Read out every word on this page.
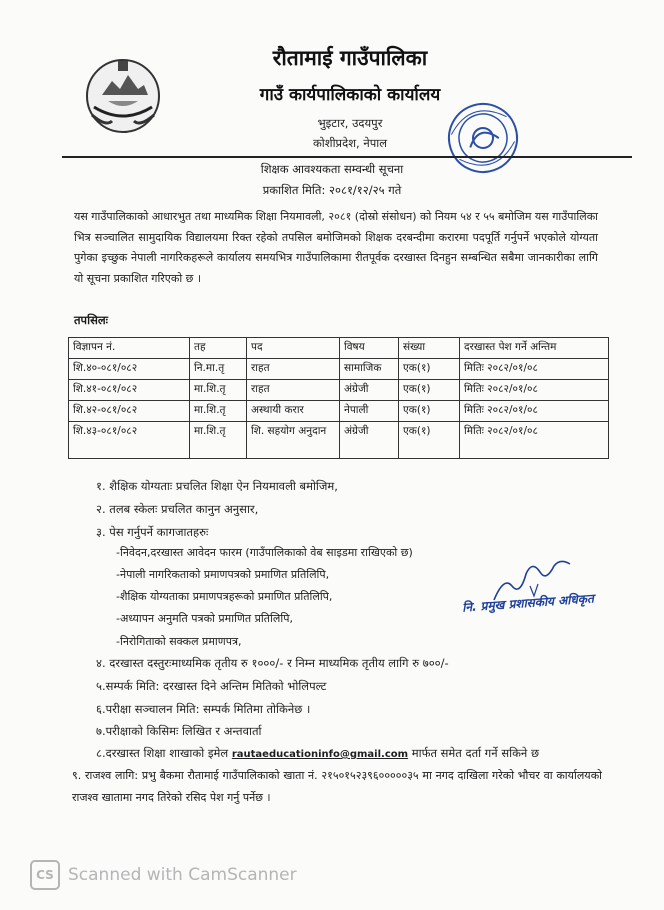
रौतामाई गाउँपालिका
गाउँ कार्यपालिकाको कार्यालय
भुइटार, उदयपुर
कोशीप्रदेश, नेपाल
शिक्षक आवश्यकता सम्वन्धी सूचना
प्रकाशित मिति: २०८१/१२/२५ गते
यस गाउँपालिकाको आधारभुत तथा माध्यमिक शिक्षा नियमावली, २०८१ (दोस्रो संसोधन) को नियम ५४ र ५५ बमोजिम यस गाउँपालिका भित्र सञ्चालित सामुदायिक विद्यालयमा रिक्त रहेको तपसिल बमोजिमको शिक्षक दरबन्दीमा करारमा पदपूर्ति गर्नुपर्ने भएकोले योग्यता पुगेका इच्छुक नेपाली नागरिकहरूले कार्यालय समयभित्र गाउँपालिकामा रीतपूर्वक दरखास्त दिनहुन सम्बन्धित सबैमा जानकारीका लागि यो सूचना प्रकाशित गरिएको छ ।
तपसिलः
विज्ञापन नं.	तह	पद	विषय	संख्या	दरखास्त पेश गर्ने अन्तिम
शि.४०-०८१/०८२	नि.मा.तृ	राहत	सामाजिक	एक(१)	मितिः २०८२/०१/०८
शि.४१-०८१/०८२	मा.शि.तृ	राहत	अंग्रेजी	एक(१)	मितिः २०८२/०१/०८
शि.४२-०८१/०८२	मा.शि.तृ	अस्थायी करार	नेपाली	एक(१)	मितिः २०८२/०१/०८
शि.४३-०८१/०८२	मा.शि.तृ	शि. सहयोग अनुदान	अंग्रेजी	एक(१)	मितिः २०८२/०१/०८
१. शैक्षिक योग्यताः प्रचलित शिक्षा ऐन नियमावली बमोजिम,
२. तलब स्केलः प्रचलित कानुन अनुसार,
३. पेस गर्नुपर्ने कागजातहरुः
-निवेदन,दरखास्त आवेदन फारम (गाउँपालिकाको वेब साइडमा राखिएको छ)
-नेपाली नागरिकताको प्रमाणपत्रको प्रमाणित प्रतिलिपि,
-शैक्षिक योग्यताका प्रमाणपत्रहरूको प्रमाणित प्रतिलिपि,
-अध्यापन अनुमति पत्रको प्रमाणित प्रतिलिपि,
-निरोगिताको सक्कल प्रमाणपत्र,
नि. प्रमुख प्रशासकीय अधिकृत
४. दरखास्त दस्तुरःमाध्यमिक तृतीय रु १०००/- र निम्न माध्यमिक तृतीय लागि रु ७००/-
५.सम्पर्क मिति: दरखास्त दिने अन्तिम मितिको भोलिपल्ट
६.परीक्षा सञ्चालन मिति: सम्पर्क मितिमा तोकिनेछ ।
७.परीक्षाको किसिमः लिखित र अन्तवार्ता
८.दरखास्त शिक्षा शाखाको इमेल rautaeducationinfo@gmail.com मार्फत समेत दर्ता गर्ने सकिने छ
९. राजश्व लागि: प्रभु बैकमा रौतामाई गाउँपालिकाको खाता नं. २१५०१५२३९६०००००३५ मा नगद दाखिला गरेको भौचर वा कार्यालयको राजश्व खातामा नगद तिरेको रसिद पेश गर्नु पर्नेछ ।
CS Scanned with CamScanner
